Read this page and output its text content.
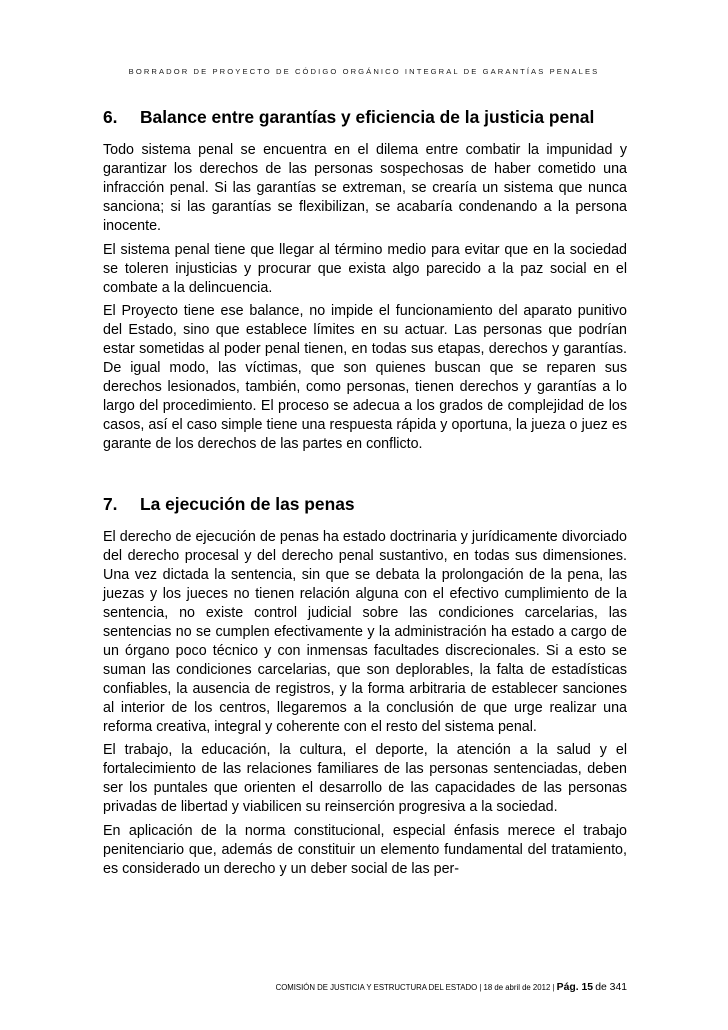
BORRADOR DE PROYECTO DE CÓDIGO ORGÁNICO INTEGRAL DE GARANTÍAS PENALES
6.	Balance entre garantías y eficiencia de la justicia penal

Todo sistema penal se encuentra en el dilema entre combatir la impunidad y garantizar los derechos de las personas sospechosas de haber cometido una infracción penal. Si las garantías se extreman, se crearía un sistema que nunca sanciona; si las garantías se flexibilizan, se acabaría condenando a la persona inocente.

El sistema penal tiene que llegar al término medio para evitar que en la sociedad se toleren injusticias y procurar que exista algo parecido a la paz social en el combate a la delincuencia.

El Proyecto tiene ese balance, no impide el funcionamiento del aparato punitivo del Estado, sino que establece límites en su actuar. Las personas que podrían estar sometidas al poder penal tienen, en todas sus etapas, derechos y garantías. De igual modo, las víctimas, que son quienes buscan que se reparen sus derechos lesionados, también, como personas, tienen derechos y garantías a lo largo del procedimiento. El proceso se adecua a los grados de complejidad de los casos, así el caso simple tiene una respuesta rápida y oportuna, la jueza o juez es garante de los derechos de las partes en conflicto.

7.	La ejecución de las penas

El derecho de ejecución de penas ha estado doctrinaria y jurídicamente divorciado del derecho procesal y del derecho penal sustantivo, en todas sus dimensiones. Una vez dictada la sentencia, sin que se debata la prolongación de la pena, las juezas y los jueces no tienen relación alguna con el efectivo cumplimiento de la sentencia, no existe control judicial sobre las condiciones carcelarias, las sentencias no se cumplen efectivamente y la administración ha estado a cargo de un órgano poco técnico y con inmensas facultades discrecionales. Si a esto se suman las condiciones carcelarias, que son deplorables, la falta de estadísticas confiables, la ausencia de registros, y la forma arbitraria de establecer sanciones al interior de los centros, llegaremos a la conclusión de que urge realizar una reforma creativa, integral y coherente con el resto del sistema penal.

El trabajo, la educación, la cultura, el deporte, la atención a la salud y el fortalecimiento de las relaciones familiares de las personas sentenciadas, deben ser los puntales que orienten el desarrollo de las capacidades de las personas privadas de libertad y viabilicen su reinserción progresiva a la sociedad.

En aplicación de la norma constitucional, especial énfasis merece el trabajo penitenciario que, además de constituir un elemento fundamental del tratamiento, es considerado un derecho y un deber social de las per-

COMISIÓN DE JUSTICIA Y ESTRUCTURA DEL ESTADO | 18 de abril de 2012 | Pág. 15 de 341
